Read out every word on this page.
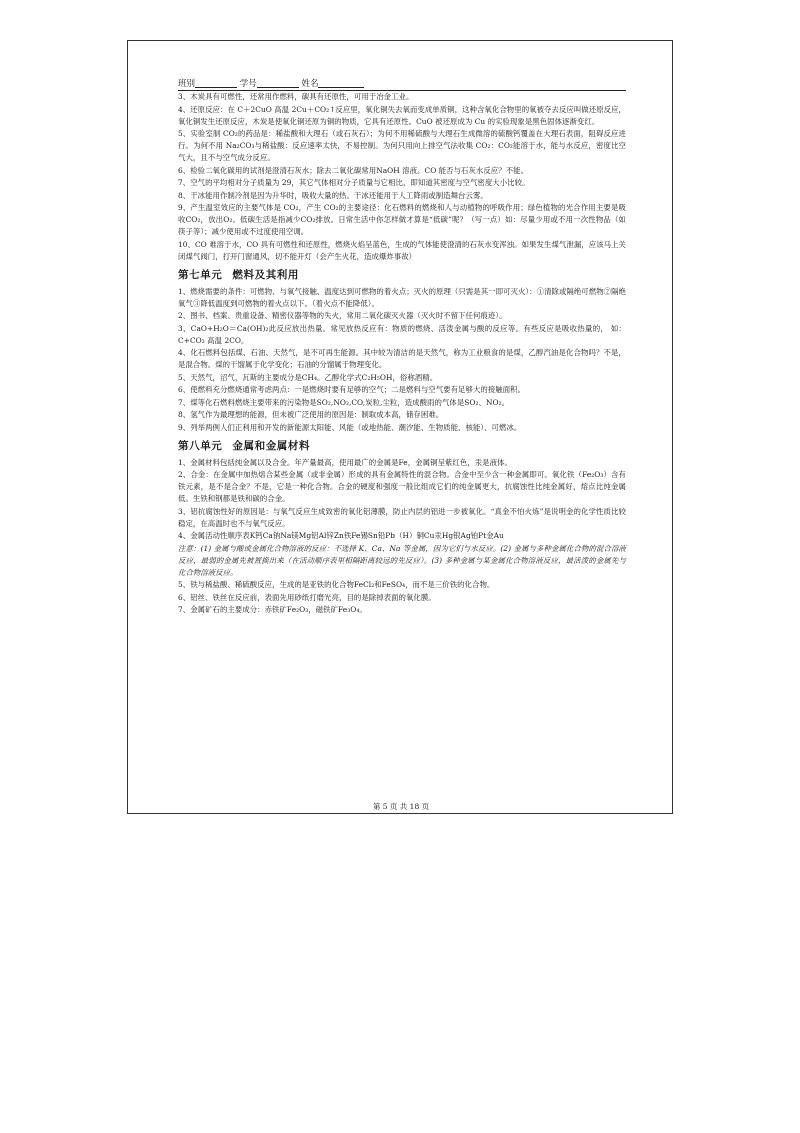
班别	学号	姓名

3、木炭具有可燃性，还常用作燃料，碳具有还原性，可用于冶金工业。

4、还原反应：在 C＋2CuO 高温 2Cu＋CO₂↑反应里，氧化铜失去氧而变成单质铜，这种含氧化合物里的氧被夺去反应叫做还原反应，氧化铜发生还原反应，木炭是使氧化铜还原为铜的物质，它具有还原性。CuO 被还原成为 Cu 的实验现象是黑色固体逐渐变红。

5、实验室制 CO₂的药品是：稀盐酸和大理石（或石灰石）；为何不用稀硫酸与大理石生成微溶的硫酸钙覆盖在大理石表面，阻碍反应进行。为何不用 Na₂CO₃与稀盐酸：反应速率太快，不易控制。为何只用向上排空气法收集 CO₂：CO₂能溶于水，能与水反应，密度比空气大，且不与空气成分反应。

6、检验二氧化碳用的试剂是澄清石灰水；除去二氧化碳常用NaOH 溶液。CO 能否与石灰水反应？不能。

7、空气的平均相对分子质量为 29，其它气体相对分子质量与它相比，即知道其密度与空气密度大小比较。

8、干冰能用作制冷剂是因为升华时，吸收大量的热。干冰还能用于人工降雨或制造舞台云雾。

9、产生温室效应的主要气体是 CO₂，产生 CO₂的主要途径：化石燃料的燃烧和人与动植物的呼吸作用；绿色植物的光合作用主要是吸收CO₂，放出O₂。低碳生活是指减少CO₂排放。日常生活中你怎样做才算是“低碳”呢？（写一点）如：尽量少用或不用一次性物品（如筷子等）；减少使用或不过度使用空调。

10、CO 难溶于水，CO 具有可燃性和还原性，燃烧火焰呈蓝色，生成的气体能使澄清的石灰水变浑浊。如果发生煤气泄漏，应该马上关闭煤气阀门，打开门窗通风，切不能开灯（会产生火花，造成爆炸事故）

第七单元 燃料及其利用

1、燃烧需要的条件：可燃物、与氧气接触、温度达到可燃物的着火点；灭火的原理（只需是其一即可灭火）：①清除或隔绝可燃物②隔绝氧气③降低温度到可燃物的着火点以下。（着火点不能降低）。

2、图书、档案、贵重设备、精密仪器等物的失火，常用二氧化碳灭火器（灭火时不留下任何痕迹）。

3、CaO+H₂O＝Ca(OH)₂此反应放出热量。常见放热反应有：物质的燃烧、活泼金属与酸的反应等。有些反应是吸收热量的， 如：C+CO₂ 高温 2CO。

4、化石燃料包括煤、石油、天然气，是不可再生能源。其中较为清洁的是天然气，称为工业粮食的是煤，乙醇汽油是化合物吗？不是，是混合物。煤的干馏属于化学变化；石油的分馏属于物理变化。

5、天然气，沼气，瓦斯的主要成分是CH₄。乙醇化学式C₂H₅OH，俗称酒精。

6、使燃料充分燃烧通常考虑两点：一是燃烧时要有足够的空气；二是燃料与空气要有足够大的接触面积。

7、煤等化石燃料燃烧主要带来的污染物是SO₂,NO₂,CO,炭粒,尘粒，造成酸雨的气体是SO₂、NO₂。

8、氢气作为最理想的能源，但未被广泛使用的原因是：制取成本高，储存困难。

9、列举两例人们正利用和开发的新能源太阳能、风能（或地热能、潮汐能、生物质能、核能）、可燃冰。

第八单元 金属和金属材料

1、金属材料包括纯金属以及合金。年产量最高，使用最广的金属是Fe，金属铜呈紫红色，汞是液体。

2、合金：在金属中加热熔合某些金属（或非金属）形成的具有金属特性的混合物。合金中至少含一种金属即可。氧化铁（Fe₂O₃）含有铁元素，是不是合金？不是，它是一种化合物。合金的硬度和强度一般比组成它们的纯金属更大，抗腐蚀性比纯金属好，熔点比纯金属低。生铁和钢都是铁和碳的合金。

3、铝抗腐蚀性好的原因是：与氧气反应生成致密的氧化铝薄膜，防止内层的铝进一步被氧化。“真金不怕火炼”是说明金的化学性质比较稳定，在高温时也不与氧气反应。

4、金属活动性顺序表K钙Ca钠Na镁Mg铝Al锌Zn铁Fe锡Sn铅Pb（H）铜Cu汞Hg银Ag铂Pt金Au

注意：(1) 金属与酸或金属化合物溶液的反应：不选择 K、Ca、Na 等金属，因为它们与水反应。(2) 金属与多种金属化合物的混合溶液反应，最弱的金属先被置换出来（在活动顺序表里相隔距离较远的先反应）。(3) 多种金属与某金属化合物溶液反应，最活泼的金属先与化合物溶液反应。

5、铁与稀盐酸、稀硫酸反应，生成的是亚铁的化合物FeCl₂和FeSO₄，而不是三价铁的化合物。

6、铝丝、铁丝在反应前，表面先用砂纸打磨光亮，目的是除掉表面的氧化膜。

7、金属矿石的主要成分：赤铁矿Fe₂O₃，磁铁矿Fe₃O₄。

第 5 页 共 18 页
